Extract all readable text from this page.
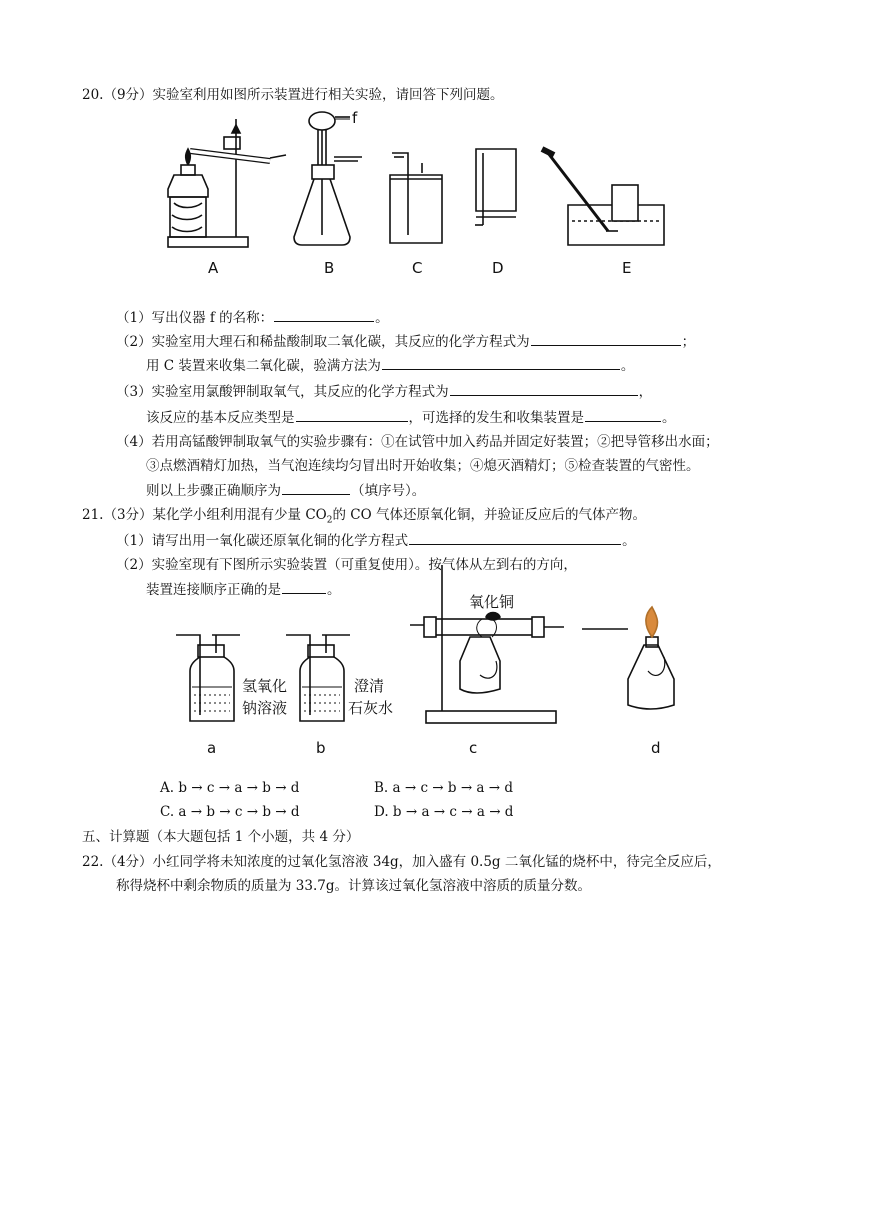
20.（9分）实验室利用如图所示装置进行相关实验，请回答下列问题。
f
A	B	C	D	E
（1）写出仪器 f 的名称：	。
（2）实验室用大理石和稀盐酸制取二氧化碳，其反应的化学方程式为	；
用 C 装置来收集二氧化碳，验满方法为	。
（3）实验室用氯酸钾制取氧气，其反应的化学方程式为	，
该反应的基本反应类型是	，可选择的发生和收集装置是	。
（4）若用高锰酸钾制取氧气的实验步骤有：①在试管中加入药品并固定好装置；②把导管移出水面；
③点燃酒精灯加热，当气泡连续均匀冒出时开始收集；④熄灭酒精灯；⑤检查装置的气密性。
则以上步骤正确顺序为	（填序号）。
21.（3分）某化学小组利用混有少量 $CO_2$的 CO 气体还原氧化铜，并验证反应后的气体产物。
（1）请写出用一氧化碳还原氧化铜的化学方程式	。
（2）实验室现有下图所示实验装置（可重复使用）。按气体从左到右的方向，
装置连接顺序正确的是	。
氧化铜
氢氧化
钠溶液
澄清
石灰水
a	b	c	d
A. b → c → a → b → d	B. a → c → b → a → d
C. a → b → c → b → d	D. b → a → c → a → d
五、计算题（本大题包括 1 个小题，共 4 分）
22.（4分）小红同学将未知浓度的过氧化氢溶液 34g，加入盛有 0.5g 二氧化锰的烧杯中，待完全反应后，
称得烧杯中剩余物质的质量为 33.7g。计算该过氧化氢溶液中溶质的质量分数。
